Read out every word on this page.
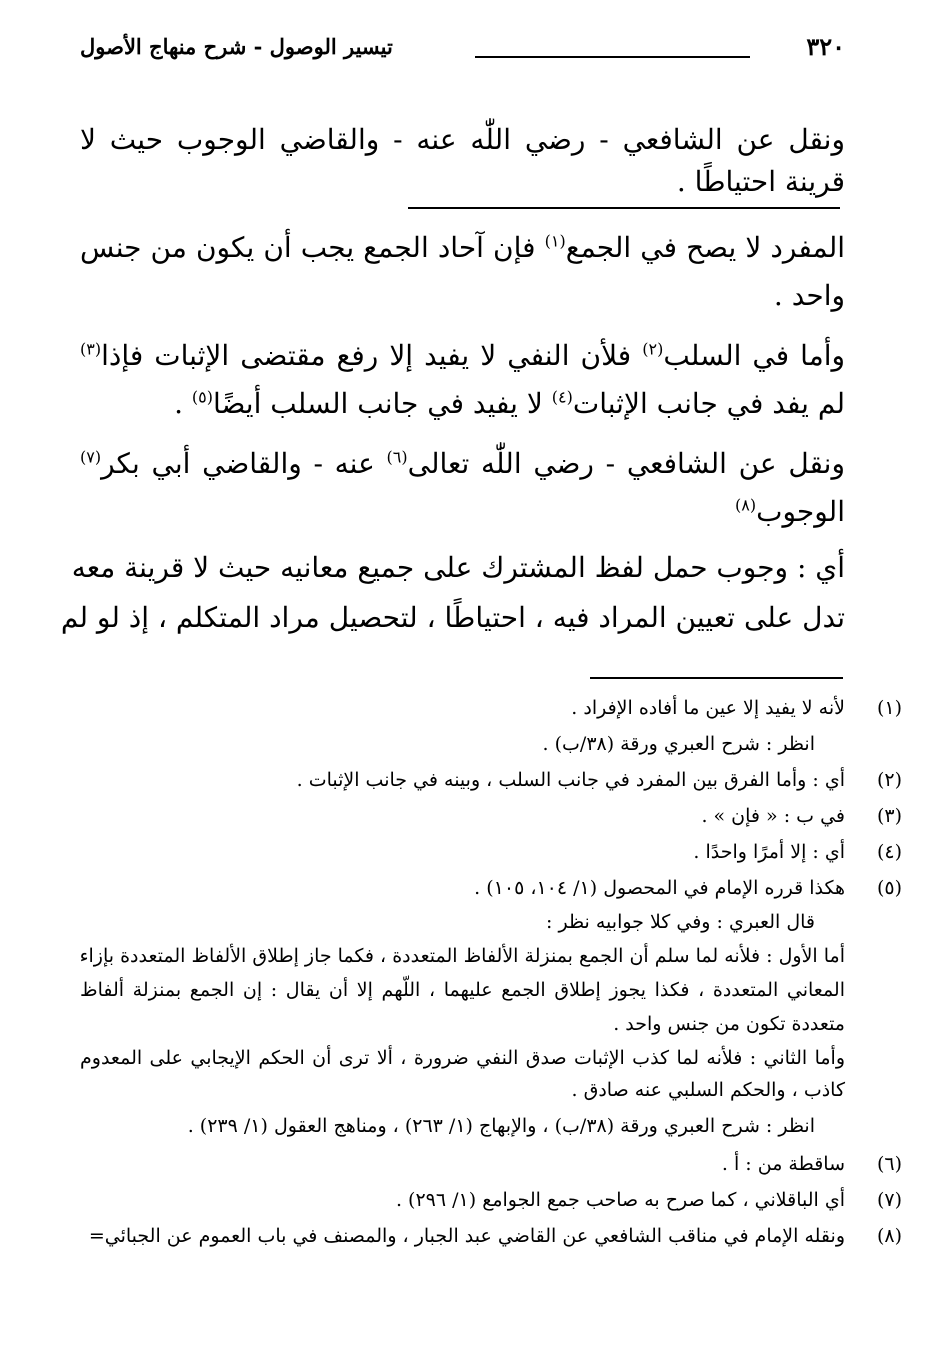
٣٢٠
تيسير الوصول - شرح منهاج الأصول
ونقل عن الشافعي - رضي اللّٰه عنه - والقاضي الوجوب حيث لا
قرينة احتياطًا .
المفرد لا يصح في الجمع$^{(١)}$ فإن آحاد الجمع يجب أن يكون من جنس
واحد .
وأما في السلب$^{(٢)}$ فلأن النفي لا يفيد إلا رفع مقتضى الإثبات فإذا$^{(٣)}$
لم يفد في جانب الإثبات$^{(٤)}$ لا يفيد في جانب السلب أيضًا$^{(٥)}$ .
ونقل عن الشافعي - رضي اللّٰه تعالى$^{(٦)}$ عنه - والقاضي أبي بكر$^{(٧)}$
الوجوب$^{(٨)}$
أي : وجوب حمل لفظ المشترك على جميع معانيه حيث لا قرينة معه
تدل على تعيين المراد فيه ، احتياطًا ، لتحصيل مراد المتكلم ، إذ لو لم
(١)
لأنه لا يفيد إلا عين ما أفاده الإفراد .
انظر : شرح العبري ورقة (٣٨/ب) .
(٢)
أي : وأما الفرق بين المفرد في جانب السلب ، وبينه في جانب الإثبات .
(٣)
في ب : « فإن » .
(٤)
أي : إلا أمرًا واحدًا .
(٥)
هكذا قرره الإمام في المحصول (١/ ١٠٤، ١٠٥) .
قال العبري : وفي كلا جوابيه نظر :
أما الأول : فلأنه لما سلم أن الجمع بمنزلة الألفاظ المتعددة ، فكما جاز إطلاق الألفاظ المتعددة بإزاء
المعاني المتعددة ، فكذا يجوز إطلاق الجمع عليهما ، اللّهم إلا أن يقال : إن الجمع بمنزلة ألفاظ
متعددة تكون من جنس واحد .
وأما الثاني : فلأنه لما كذب الإثبات صدق النفي ضرورة ، ألا ترى أن الحكم الإيجابي على المعدوم
كاذب ، والحكم السلبي عنه صادق .
انظر : شرح العبري ورقة (٣٨/ب) ، والإبهاج (١/ ٢٦٣) ، ومناهج العقول (١/ ٢٣٩) .
(٦)
ساقطة من : أ .
(٧)
أي الباقلاني ، كما صرح به صاحب جمع الجوامع (١/ ٢٩٦) .
(٨)
ونقله الإمام في مناقب الشافعي عن القاضي عبد الجبار ، والمصنف في باب العموم عن الجبائي=
